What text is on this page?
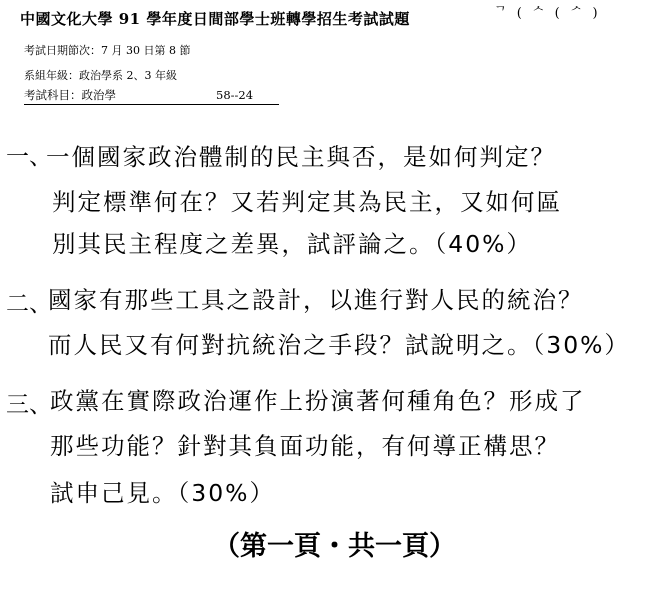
中國文化大學 91 學年度日間部學士班轉學招生考試試題	ᄀ ( ᄉ ( ᄼ )
考試日期節次：7 月 30 日第 8 節
系組年級：政治學系 2、3 年級
考試科目：政治學	58--24
一、
一個國家政治體制的民主與否，是如何判定？
判定標準何在？又若判定其為民主，又如何區
別其民主程度之差異，試評論之。（40%）
二、
國家有那些工具之設計，以進行對人民的統治？
而人民又有何對抗統治之手段？試說明之。（30%）
三、
政黨在實際政治運作上扮演著何種角色？形成了
那些功能？針對其負面功能，有何導正構思？
試申己見。（30%）
（第一頁・共一頁）
